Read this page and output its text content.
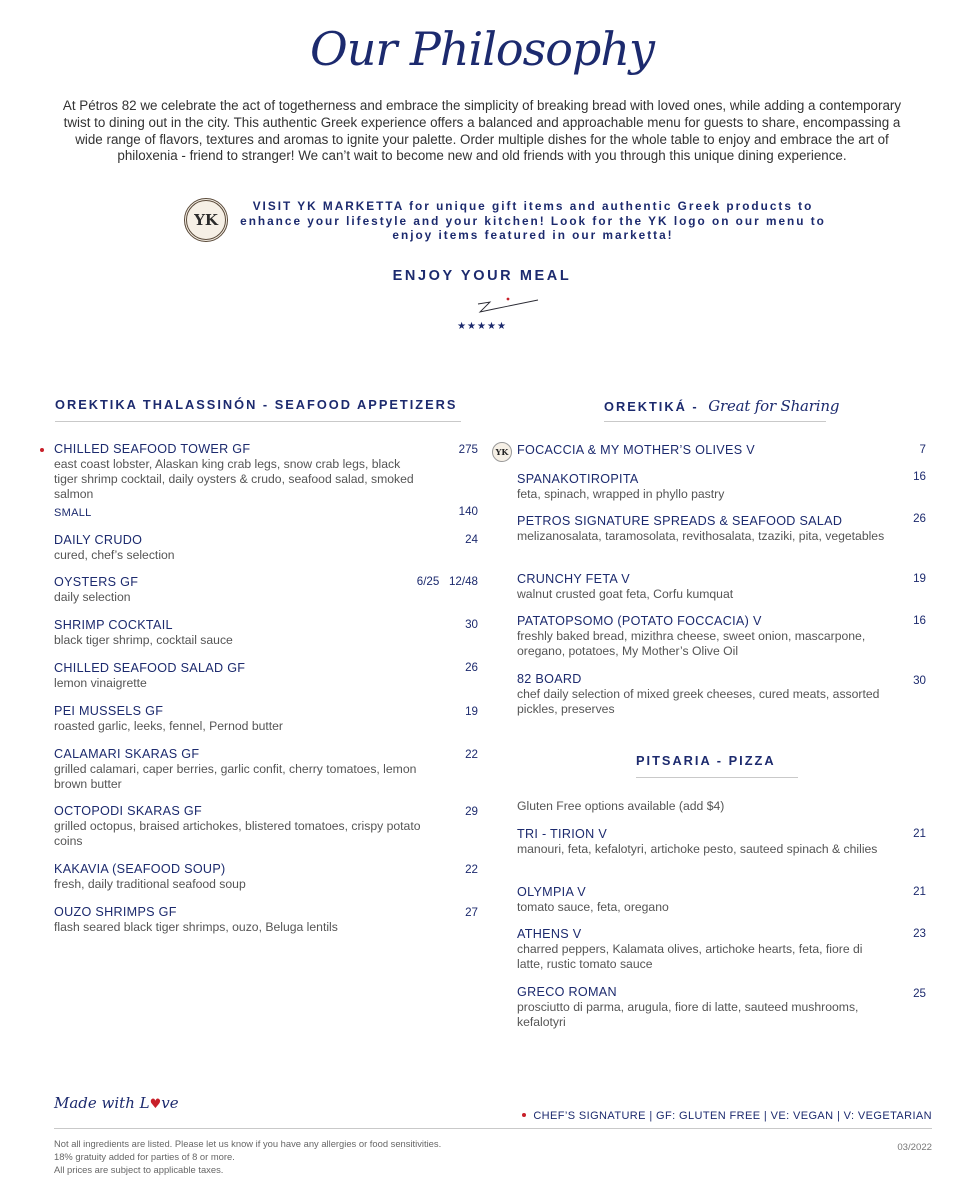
Our Philosophy

At Pétros 82 we celebrate the act of togetherness and embrace the simplicity of breaking bread with loved ones, while adding a contemporary twist to dining out in the city. This authentic Greek experience offers a balanced and approachable menu for guests to share, encompassing a wide range of flavors, textures and aromas to ignite your palette. Order multiple dishes for the whole table to enjoy and embrace the art of philoxenia - friend to stranger! We can’t wait to become new and old friends with you through this unique dining experience.

YK
VISIT YK MARKETTA for unique gift items and authentic Greek products to enhance your lifestyle and your kitchen! Look for the YK logo on our menu to enjoy items featured in our marketta!
ENJOY YOUR MEAL
★★★★★
OREKTIKA THALASSINÓN - SEAFOOD APPETIZERS
CHILLED SEAFOOD TOWER GF
east coast lobster, Alaskan king crab legs, snow crab legs, black tiger shrimp cocktail, daily oysters & crudo, seafood salad, smoked salmon
275
SMALL	140
DAILY CRUDO
cured, chef’s selection
24
OYSTERS GF
daily selection
6/25   12/48
SHRIMP COCKTAIL
black tiger shrimp, cocktail sauce
30
CHILLED SEAFOOD SALAD GF
lemon vinaigrette
26
PEI MUSSELS GF
roasted garlic, leeks, fennel, Pernod butter
19
CALAMARI SKARAS GF
grilled calamari, caper berries, garlic confit, cherry tomatoes, lemon brown butter
22
OCTOPODI SKARAS GF
grilled octopus, braised artichokes, blistered tomatoes, crispy potato coins
29
KAKAVIA (SEAFOOD SOUP)
fresh, daily traditional seafood soup
22
OUZO SHRIMPS GF
flash seared black tiger shrimps, ouzo, Beluga lentils
27
OREKTIKÁ - Great for Sharing
FOCACCIA & MY MOTHER’S OLIVES V	7
YK
SPANAKOTIROPITA
feta, spinach, wrapped in phyllo pastry
16
PETROS SIGNATURE SPREADS & SEAFOOD SALAD
melizanosalata, taramosolata, revithosalata, tzaziki, pita, vegetables
26
CRUNCHY FETA V
walnut crusted goat feta, Corfu kumquat
19
PATATOPSOMO (POTATO FOCCACIA) V
freshly baked bread, mizithra cheese, sweet onion, mascarpone, oregano, potatoes, My Mother’s Olive Oil
16
82 BOARD
chef daily selection of mixed greek cheeses, cured meats, assorted pickles, preserves
30
PITSARIA - PIZZA
Gluten Free options available (add $4)
TRI - TIRION V
manouri, feta, kefalotyri, artichoke pesto, sauteed spinach & chilies
21
OLYMPIA V
tomato sauce, feta, oregano
21
ATHENS V
charred peppers, Kalamata olives, artichoke hearts, feta, fiore di latte, rustic tomato sauce
23
GRECO ROMAN
prosciutto di parma, arugula, fiore di latte, sauteed mushrooms, kefalotyri
25
Made with L♥ve
CHEF’S SIGNATURE | GF: GLUTEN FREE | VE: VEGAN | V: VEGETARIAN
Not all ingredients are listed. Please let us know if you have any allergies or food sensitivities.
18% gratuity added for parties of 8 or more.
All prices are subject to applicable taxes.
03/2022
